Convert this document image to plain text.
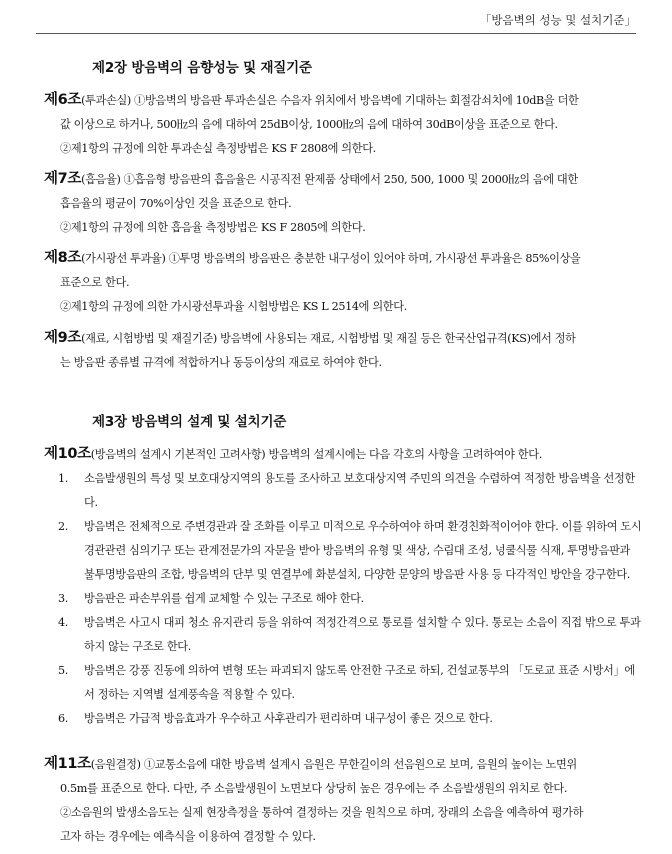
「방음벽의 성능 및 설치기준」
제2장 방음벽의 음향성능 및 재질기준

제6조(투과손실) ①방음벽의 방음판 투과손실은 수음자 위치에서 방음벽에 기대하는 회절감쇠치에 10dB을 더한

값 이상으로 하거나, 500㎐의 음에 대하여 25dB이상, 1000㎐의 음에 대하여 30dB이상을 표준으로 한다.

②제1항의 규정에 의한 투과손실 측정방법은 KS F 2808에 의한다.

제7조(흡음율) ①흡음형 방음판의 흡음율은 시공직전 완제품 상태에서 250, 500, 1000 및 2000㎐의 음에 대한

흡음율의 평균이 70%이상인 것을 표준으로 한다.

②제1항의 규정에 의한 흡음율 측정방법은 KS F 2805에 의한다.

제8조(가시광선 투과율) ①투명 방음벽의 방음판은 충분한 내구성이 있어야 하며, 가시광선 투과율은 85%이상을

표준으로 한다.

②제1항의 규정에 의한 가시광선투과율 시험방법은 KS L 2514에 의한다.

제9조(재료, 시험방법 및 재질기준) 방음벽에 사용되는 재료, 시험방법 및 재질 등은 한국산업규격(KS)에서 정하

는 방음판 종류별 규격에 적합하거나 동등이상의 재료로 하여야 한다.

제3장 방음벽의 설계 및 설치기준

제10조(방음벽의 설계시 기본적인 고려사항) 방음벽의 설계시에는 다음 각호의 사항을 고려하여야 한다.

1. 소음발생원의 특성 및 보호대상지역의 용도를 조사하고 보호대상지역 주민의 의견을 수렴하여 적정한 방음벽을 선정한다.
2. 방음벽은 전체적으로 주변경관과 잘 조화를 이루고 미적으로 우수하여야 하며 환경친화적이어야 한다. 이를 위하여 도시경관관련 심의기구 또는 관계전문가의 자문을 받아 방음벽의 유형 및 색상, 수림대 조성, 넝쿨식물 식재, 투명방음판과 불투명방음판의 조합, 방음벽의 단부 및 연결부에 화분설치, 다양한 문양의 방음판 사용 등 다각적인 방안을 강구한다.
3. 방음판은 파손부위를 쉽게 교체할 수 있는 구조로 해야 한다.
4. 방음벽은 사고시 대피 청소 유지관리 등을 위하여 적정간격으로 통로를 설치할 수 있다. 통로는 소음이 직접 밖으로 투과하지 않는 구조로 한다.
5. 방음벽은 강풍 진동에 의하여 변형 또는 파괴되지 않도록 안전한 구조로 하되, 건설교통부의 「도로교 표준 시방서」에서 정하는 지역별 설계풍속을 적용할 수 있다.
6. 방음벽은 가급적 방음효과가 우수하고 사후관리가 편리하며 내구성이 좋은 것으로 한다.

제11조(음원결정) ①교통소음에 대한 방음벽 설계시 음원은 무한길이의 선음원으로 보며, 음원의 높이는 노면위

0.5m를 표준으로 한다. 다만, 주 소음발생원이 노면보다 상당히 높은 경우에는 주 소음발생원의 위치로 한다.

②소음원의 발생소음도는 실제 현장측정을 통하여 결정하는 것을 원칙으로 하며, 장래의 소음을 예측하여 평가하

고자 하는 경우에는 예측식을 이용하여 결정할 수 있다.
